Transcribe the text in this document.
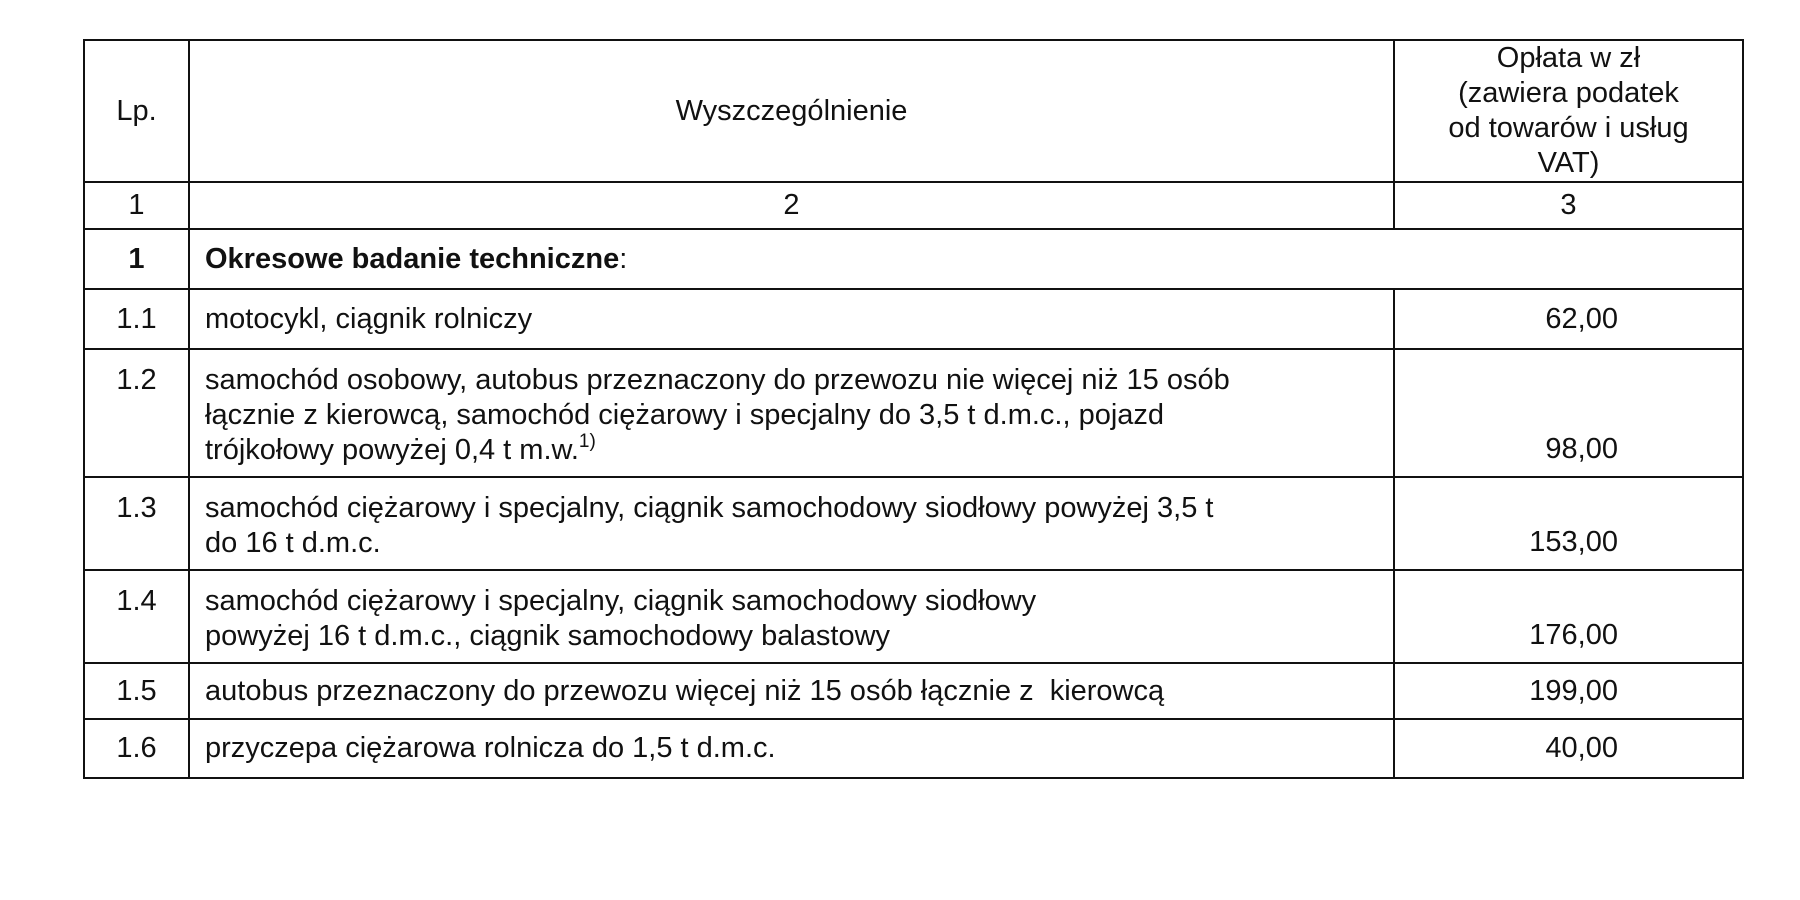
Lp.	Wyszczególnienie	Opłata w zł
(zawiera podatek
od towarów i usług
VAT)

1	2	3
1	Okresowe badanie techniczne:	
1.1	motocykl, ciągnik rolniczy	62,00
1.2	samochód osobowy, autobus przeznaczony do przewozu nie więcej niż 15 osób
łącznie z kierowcą, samochód ciężarowy i specjalny do 3,5 t d.m.c., pojazd
trójkołowy powyżej 0,4 t m.w.$^{1)}$	98,00
1.3	samochód ciężarowy i specjalny, ciągnik samochodowy siodłowy powyżej 3,5 t
do 16 t d.m.c.	153,00
1.4	samochód ciężarowy i specjalny, ciągnik samochodowy siodłowy
powyżej 16 t d.m.c., ciągnik samochodowy balastowy	176,00
1.5	autobus przeznaczony do przewozu więcej niż 15 osób łącznie z  kierowcą	199,00
1.6	przyczepa ciężarowa rolnicza do 1,5 t d.m.c.	40,00
